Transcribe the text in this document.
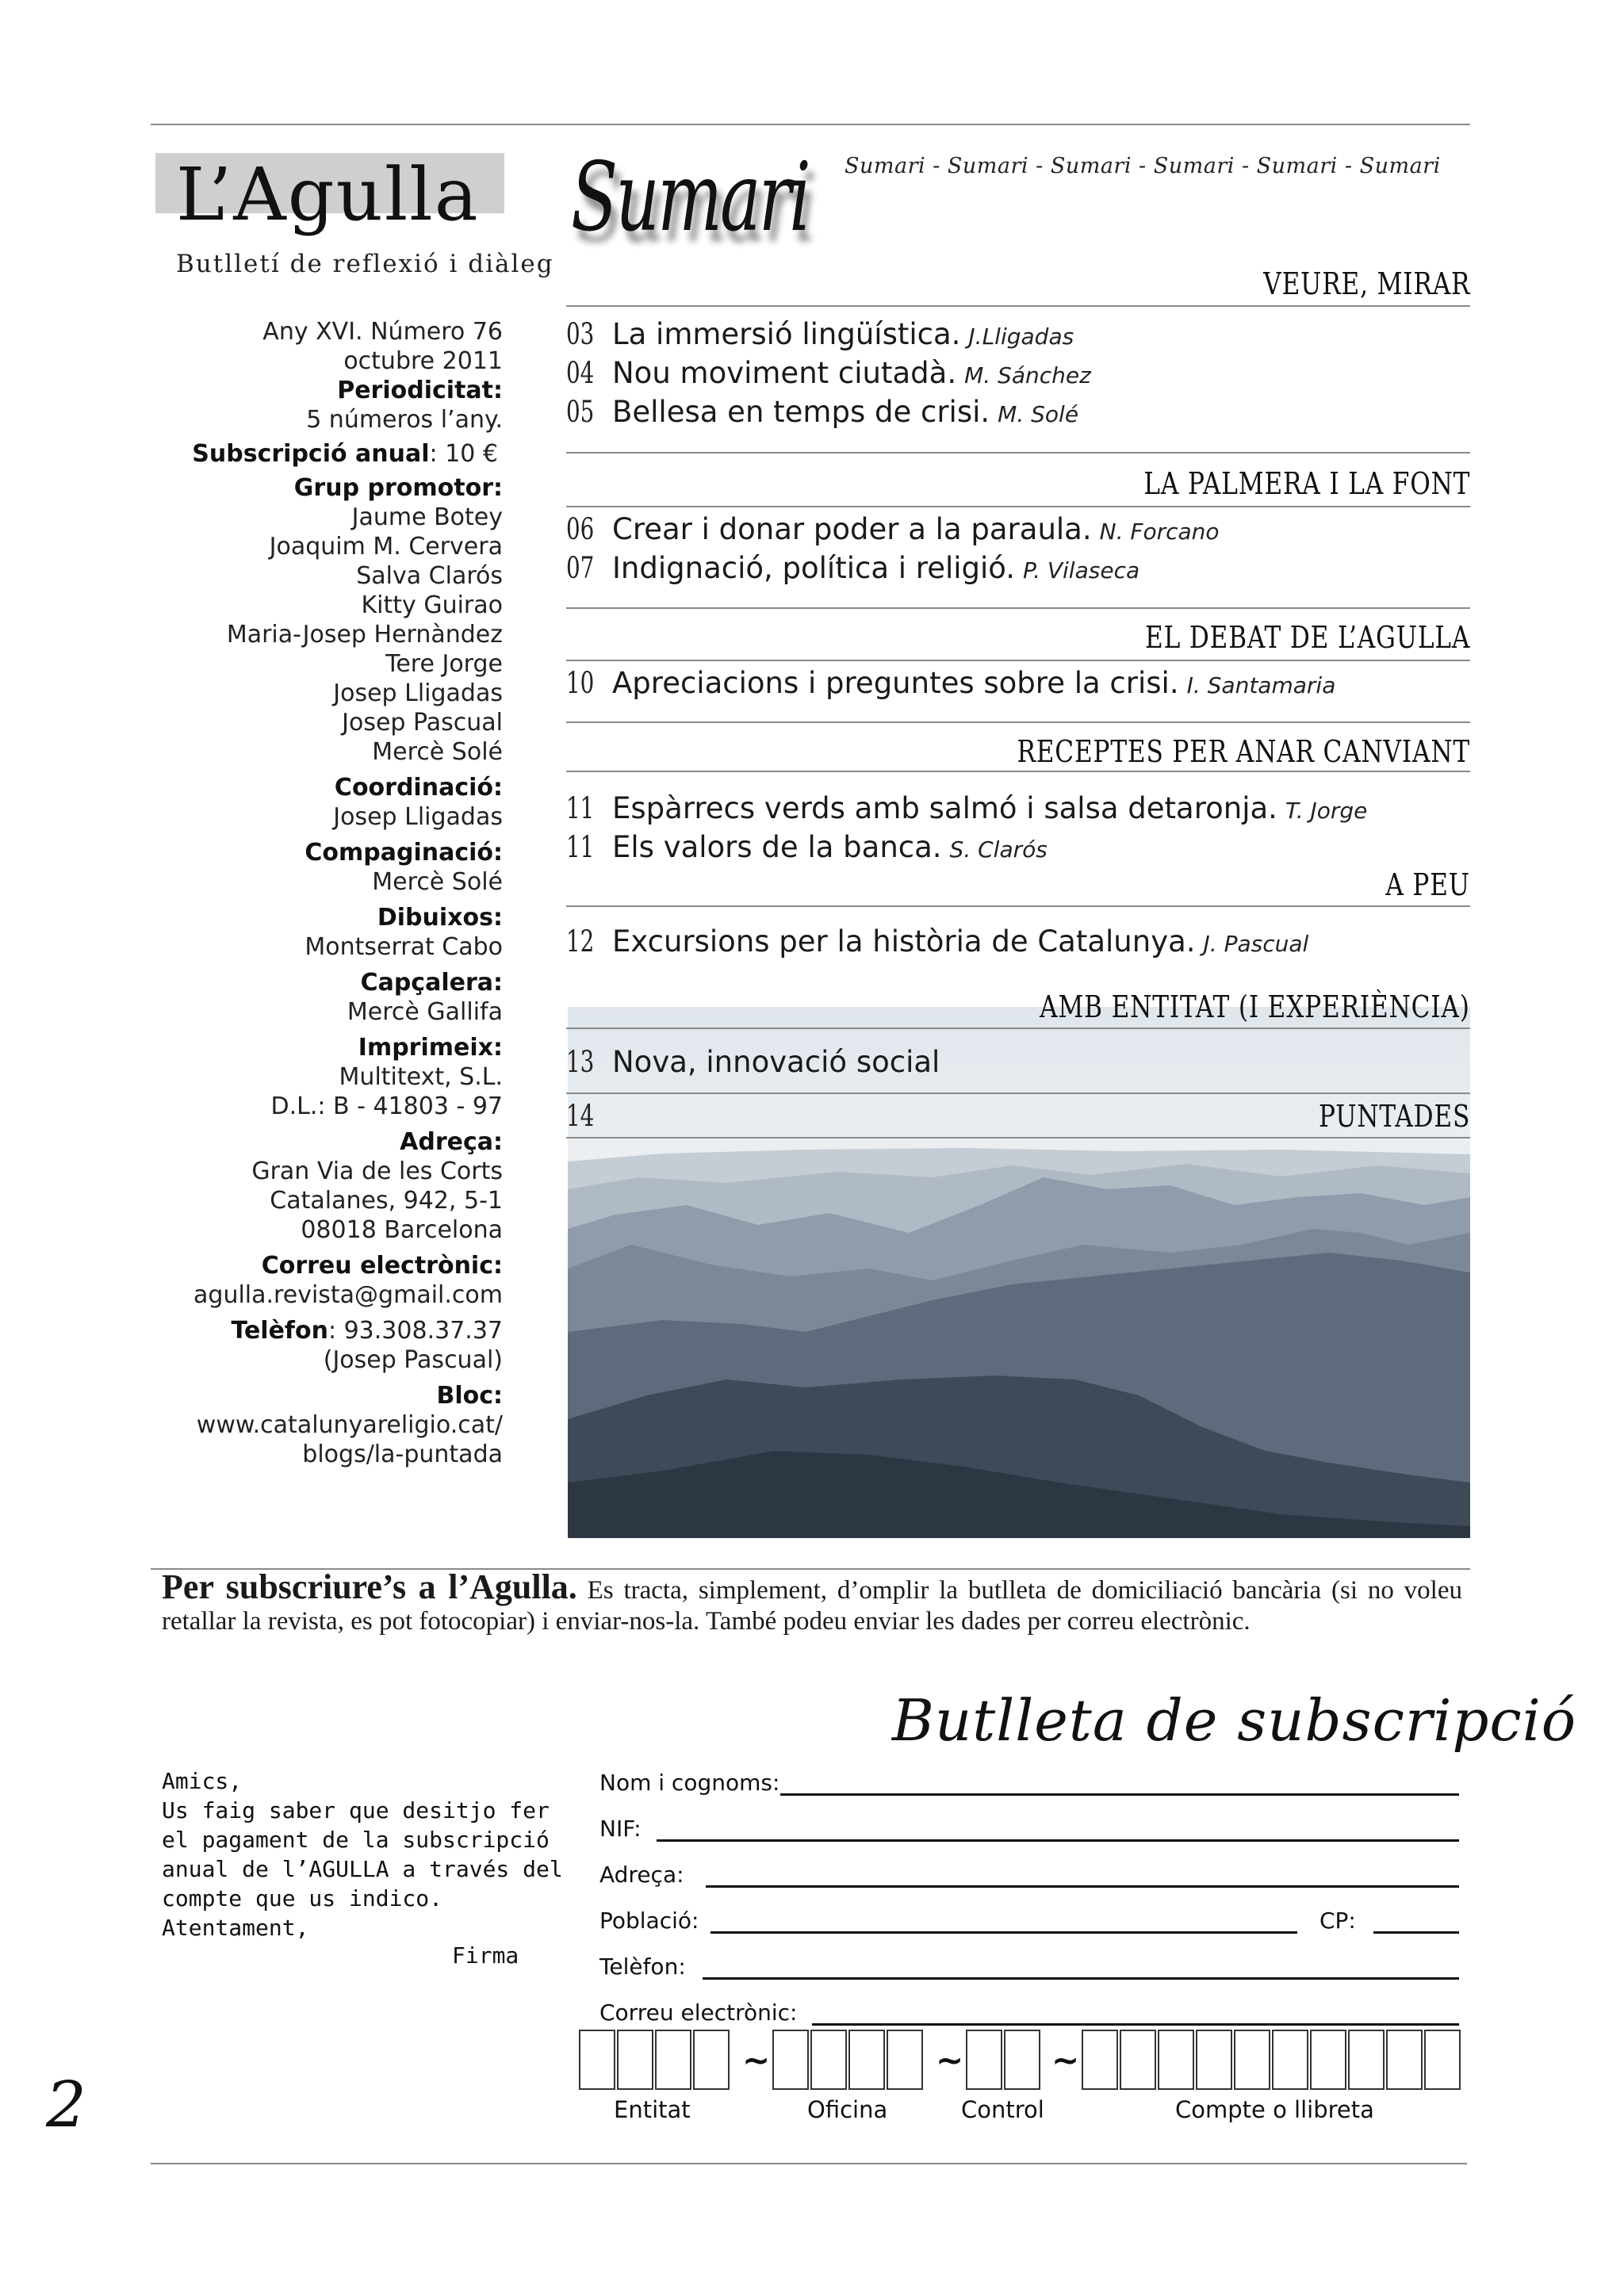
L’Agulla
Butlletí de reflexió i diàleg
Any XVI. Número 76
octubre 2011
Periodicitat:
5 números l’any.
Subscripció anual: 10 €
Grup promotor:
Jaume Botey
Joaquim M. Cervera
Salva Clarós
Kitty Guirao
Maria-Josep Hernàndez
Tere Jorge
Josep Lligadas
Josep Pascual
Mercè Solé
Coordinació:
Josep Lligadas
Compaginació:
Mercè Solé
Dibuixos:
Montserrat Cabo
Capçalera:
Mercè Gallifa
Imprimeix:
Multitext, S.L.
D.L.: B - 41803 - 97
Adreça:
Gran Via de les Corts
Catalanes, 942, 5-1
08018 Barcelona
Correu electrònic:
agulla.revista@gmail.com
Telèfon: 93.308.37.37
(Josep Pascual)
Bloc:
www.catalunyareligio.cat/
blogs/la-puntada
Sumari Sumari - Sumari - Sumari - Sumari - Sumari - Sumari
VEURE, MIRAR
03 La immersió lingüística. J.Lligadas
04 Nou moviment ciutadà. M. Sánchez
05 Bellesa en temps de crisi. M. Solé
LA PALMERA I LA FONT
06 Crear i donar poder a la paraula. N. Forcano
07 Indignació, política i religió. P. Vilaseca
EL DEBAT DE L’AGULLA
10 Apreciacions i preguntes sobre la crisi. I. Santamaria
RECEPTES PER ANAR CANVIANT
11 Espàrrecs verds amb salmó i salsa detaronja. T. Jorge
11 Els valors de la banca. S. Clarós
A PEU
12 Excursions per la història de Catalunya. J. Pascual
AMB ENTITAT (I EXPERIÈNCIA)
13 Nova, innovació social
14	PUNTADES
Per subscriure’s a l’Agulla. Es tracta, simplement, d’omplir la butlleta de domiciliació bancària (si no voleu retallar la revista, es pot fotocopiar) i enviar-nos-la. També podeu enviar les dades per correu electrònic.
Butlleta de subscripció
Amics,
Us faig saber que desitjo fer
el pagament de la subscripció
anual de l’AGULLA a través del
compte que us indico.
Atentament,
Firma
Nom i cognoms:
NIF:
Adreça:
Població:	CP:
Telèfon:
Correu electrònic:
~	~	~
Entitat	Oficina	Control	Compte o llibreta
2
